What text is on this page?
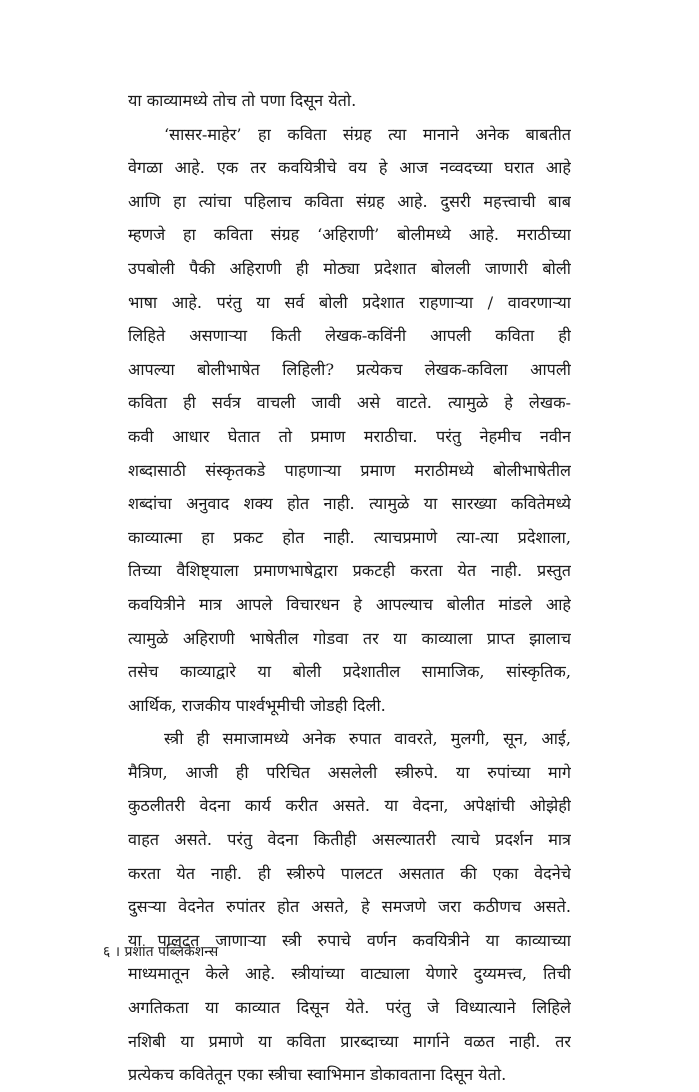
या काव्यामध्ये तोच तो पणा दिसून येतो.
‘सासर-माहेर’ हा कविता संग्रह त्या मानाने अनेक बाबतीत
वेगळा आहे. एक तर कवयित्रीचे वय हे आज नव्वदच्या घरात आहे
आणि हा त्यांचा पहिलाच कविता संग्रह आहे. दुसरी महत्त्वाची बाब
म्हणजे हा कविता संग्रह ‘अहिराणी’ बोलीमध्ये आहे. मराठीच्या
उपबोली पैकी अहिराणी ही मोठ्या प्रदेशात बोलली जाणारी बोली
भाषा आहे. परंतु या सर्व बोली प्रदेशात राहणाऱ्या / वावरणाऱ्या
लिहिते असणाऱ्या किती लेखक-कविंनी आपली कविता ही
आपल्या बोलीभाषेत लिहिली? प्रत्येकच लेखक-कविला आपली
कविता ही सर्वत्र वाचली जावी असे वाटते. त्यामुळे हे लेखक-
कवी आधार घेतात तो प्रमाण मराठीचा. परंतु नेहमीच नवीन
शब्दासाठी संस्कृतकडे पाहणाऱ्या प्रमाण मराठीमध्ये बोलीभाषेतील
शब्दांचा अनुवाद शक्य होत नाही. त्यामुळे या सारख्या कवितेमध्ये
काव्यात्मा हा प्रकट होत नाही. त्याचप्रमाणे त्या-त्या प्रदेशाला,
तिच्या वैशिष्ट्याला प्रमाणभाषेद्वारा प्रकटही करता येत नाही. प्रस्तुत
कवयित्रीने मात्र आपले विचारधन हे आपल्याच बोलीत मांडले आहे
त्यामुळे अहिराणी भाषेतील गोडवा तर या काव्याला प्राप्त झालाच
तसेच काव्याद्वारे या बोली प्रदेशातील सामाजिक, सांस्कृतिक,
आर्थिक, राजकीय पार्श्वभूमीची जोडही दिली.
स्त्री ही समाजामध्ये अनेक रुपात वावरते, मुलगी, सून, आई,
मैत्रिण, आजी ही परिचित असलेली स्त्रीरुपे. या रुपांच्या मागे
कुठलीतरी वेदना कार्य करीत असते. या वेदना, अपेक्षांची ओझेही
वाहत असते. परंतु वेदना कितीही असल्यातरी त्याचे प्रदर्शन मात्र
करता येत नाही. ही स्त्रीरुपे पालटत असतात की एका वेदनेचे
दुसऱ्या वेदनेत रुपांतर होत असते, हे समजणे जरा कठीणच असते.
या पालटत जाणाऱ्या स्त्री रुपाचे वर्णन कवयित्रीने या काव्याच्या
माध्यमातून केले आहे. स्त्रीयांच्या वाट्याला येणारे दुय्यमत्त्व, तिची
अगतिकता या काव्यात दिसून येते. परंतु जे विध्यात्याने लिहिले
नशिबी या प्रमाणे या कविता प्रारब्दाच्या मार्गाने वळत नाही. तर
प्रत्येकच कवितेतून एका स्त्रीचा स्वाभिमान डोकावताना दिसून येतो.
६ । प्रशांत पब्लिकेशन्स
